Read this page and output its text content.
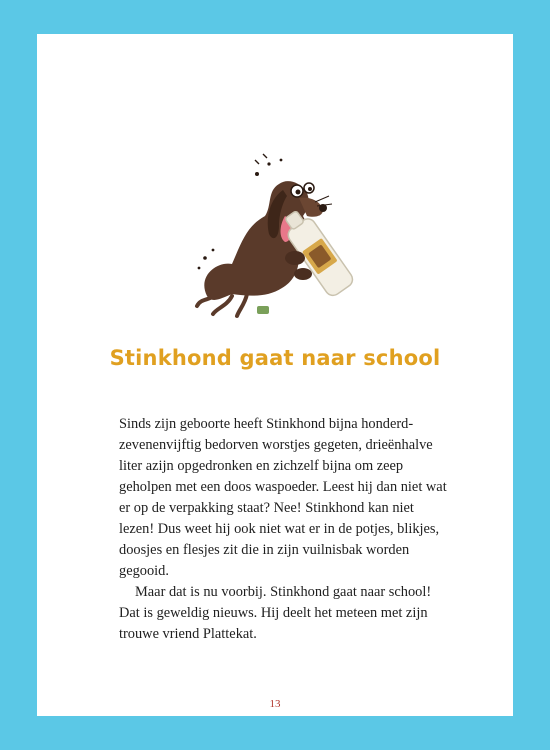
Stinkhond gaat naar school

Sinds zijn geboorte heeft Stinkhond bijna honderd-zevenenvijftig bedorven worstjes gegeten, drieënhalve liter azijn opgedronken en zichzelf bijna om zeep geholpen met een doos waspoeder. Leest hij dan niet wat er op de verpakking staat? Nee! Stinkhond kan niet lezen! Dus weet hij ook niet wat er in de potjes, blikjes, doosjes en flesjes zit die in zijn vuilnisbak worden gegooid.

Maar dat is nu voorbij. Stinkhond gaat naar school! Dat is geweldig nieuws. Hij deelt het meteen met zijn trouwe vriend Plattekat.

13
